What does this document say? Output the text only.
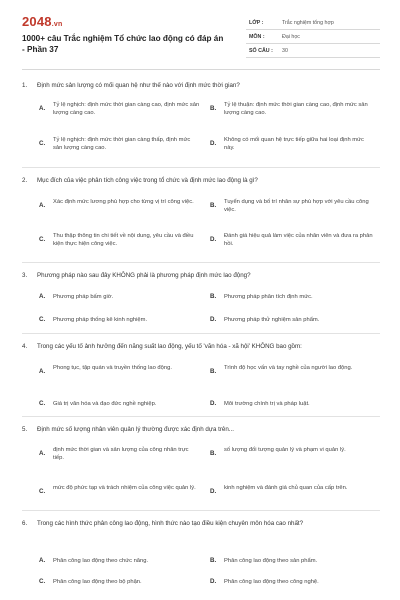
2048.vn
1000+ câu Trắc nghiệm Tổ chức lao động có đáp án - Phần 37
LỚP :	Trắc nghiệm tổng hợp
MÔN :	Đại học
SỐ CÂU : 30
1. Định mức sản lượng có mối quan hệ như thế nào với định mức thời gian?
A. Tỷ lệ nghịch: định mức thời gian càng cao, định mức sản lượng càng cao.
B. Tỷ lệ thuận: định mức thời gian càng cao, định mức sản lượng càng cao.
C. Tỷ lệ nghịch: định mức thời gian càng thấp, định mức sản lượng càng cao.
D. Không có mối quan hệ trực tiếp giữa hai loại định mức này.
2. Mục đích của việc phân tích công việc trong tổ chức và định mức lao động là gì?
A. Xác định mức lương phù hợp cho từng vị trí công việc.	B. Tuyển dụng và bố trí nhân sự phù hợp với yêu cầu công việc.
C. Thu thập thông tin chi tiết về nội dung, yêu cầu và điều kiện thực hiện công việc.
D. Đánh giá hiệu quả làm việc của nhân viên và đưa ra phản hồi.
3. Phương pháp nào sau đây KHÔNG phải là phương pháp định mức lao động?
A. Phương pháp bấm giờ.	B. Phương pháp phân tích định mức.
C. Phương pháp thống kê kinh nghiệm.	D. Phương pháp thử nghiệm sản phẩm.
4. Trong các yếu tố ảnh hưởng đến năng suất lao động, yếu tố 'văn hóa - xã hội' KHÔNG bao gồm:
A. Phong tục, tập quán và truyền thống lao động.	B. Trình độ học vấn và tay nghề của người lao động.
C. Giá trị văn hóa và đạo đức nghề nghiệp.	D. Môi trường chính trị và pháp luật.
5. Định mức số lượng nhân viên quản lý thường được xác định dựa trên...
A. định mức thời gian và sản lượng của công nhân trực tiếp.
B. số lượng đối tượng quản lý và phạm vi quản lý.
C. mức độ phức tạp và trách nhiệm của công việc quản lý.	D. kinh nghiệm và đánh giá chủ quan của cấp trên.
6. Trong các hình thức phân công lao động, hình thức nào tạo điều kiện chuyên môn hóa cao nhất?
A. Phân công lao động theo chức năng.	B. Phân công lao động theo sản phẩm.
C. Phân công lao động theo bộ phận.	D. Phân công lao động theo công nghệ.
